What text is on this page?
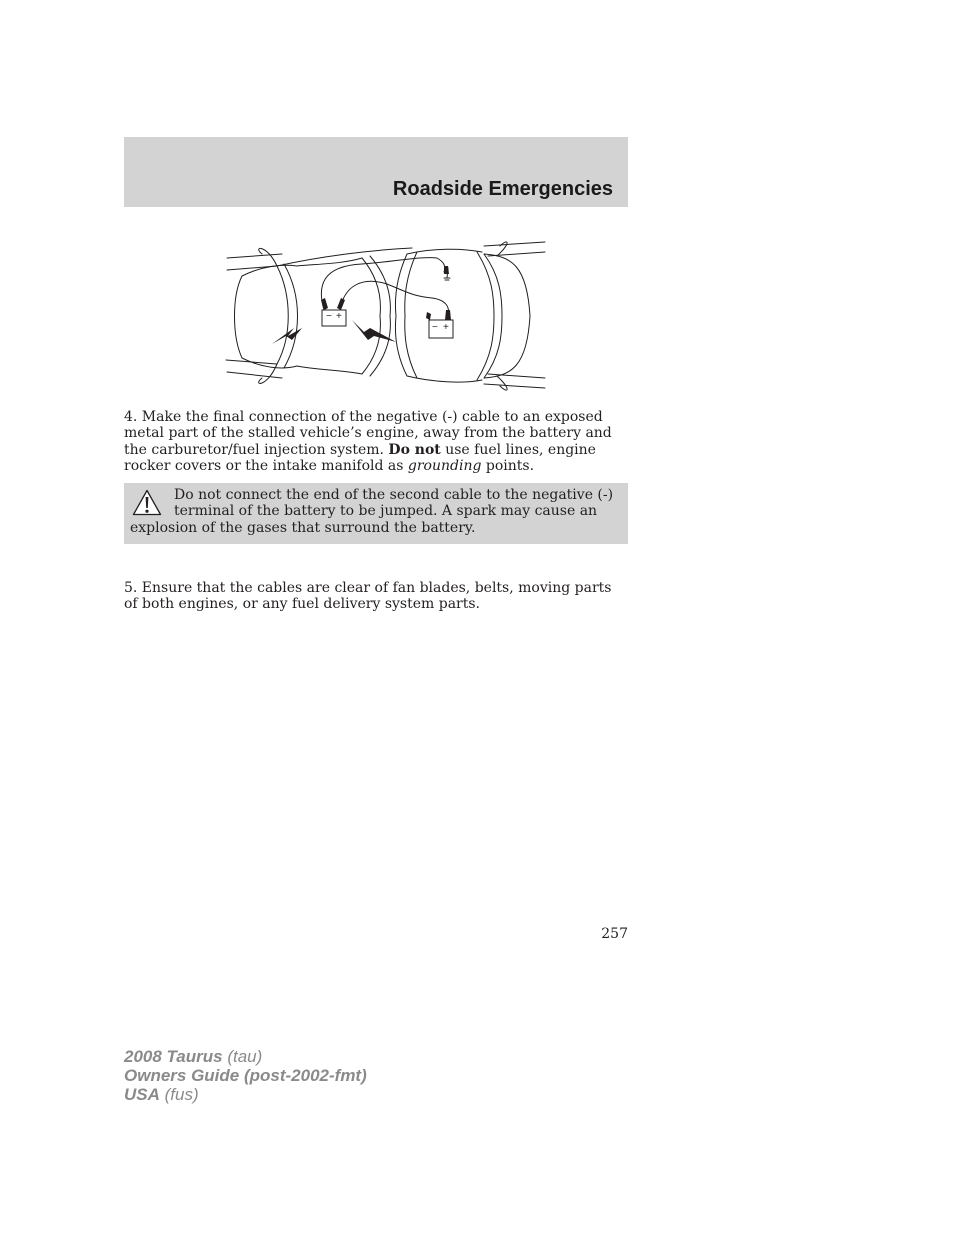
Roadside Emergencies
− +
− +
4. Make the final connection of the negative (-) cable to an exposed metal part of the stalled vehicle’s engine, away from the battery and the carburetor/fuel injection system. Do not use fuel lines, engine rocker covers or the intake manifold as grounding points.
Do not connect the end of the second cable to the negative (-) terminal of the battery to be jumped. A spark may cause an explosion of the gases that surround the battery.
5. Ensure that the cables are clear of fan blades, belts, moving parts of both engines, or any fuel delivery system parts.
257
2008 Taurus (tau)
Owners Guide (post-2002-fmt)
USA (fus)
